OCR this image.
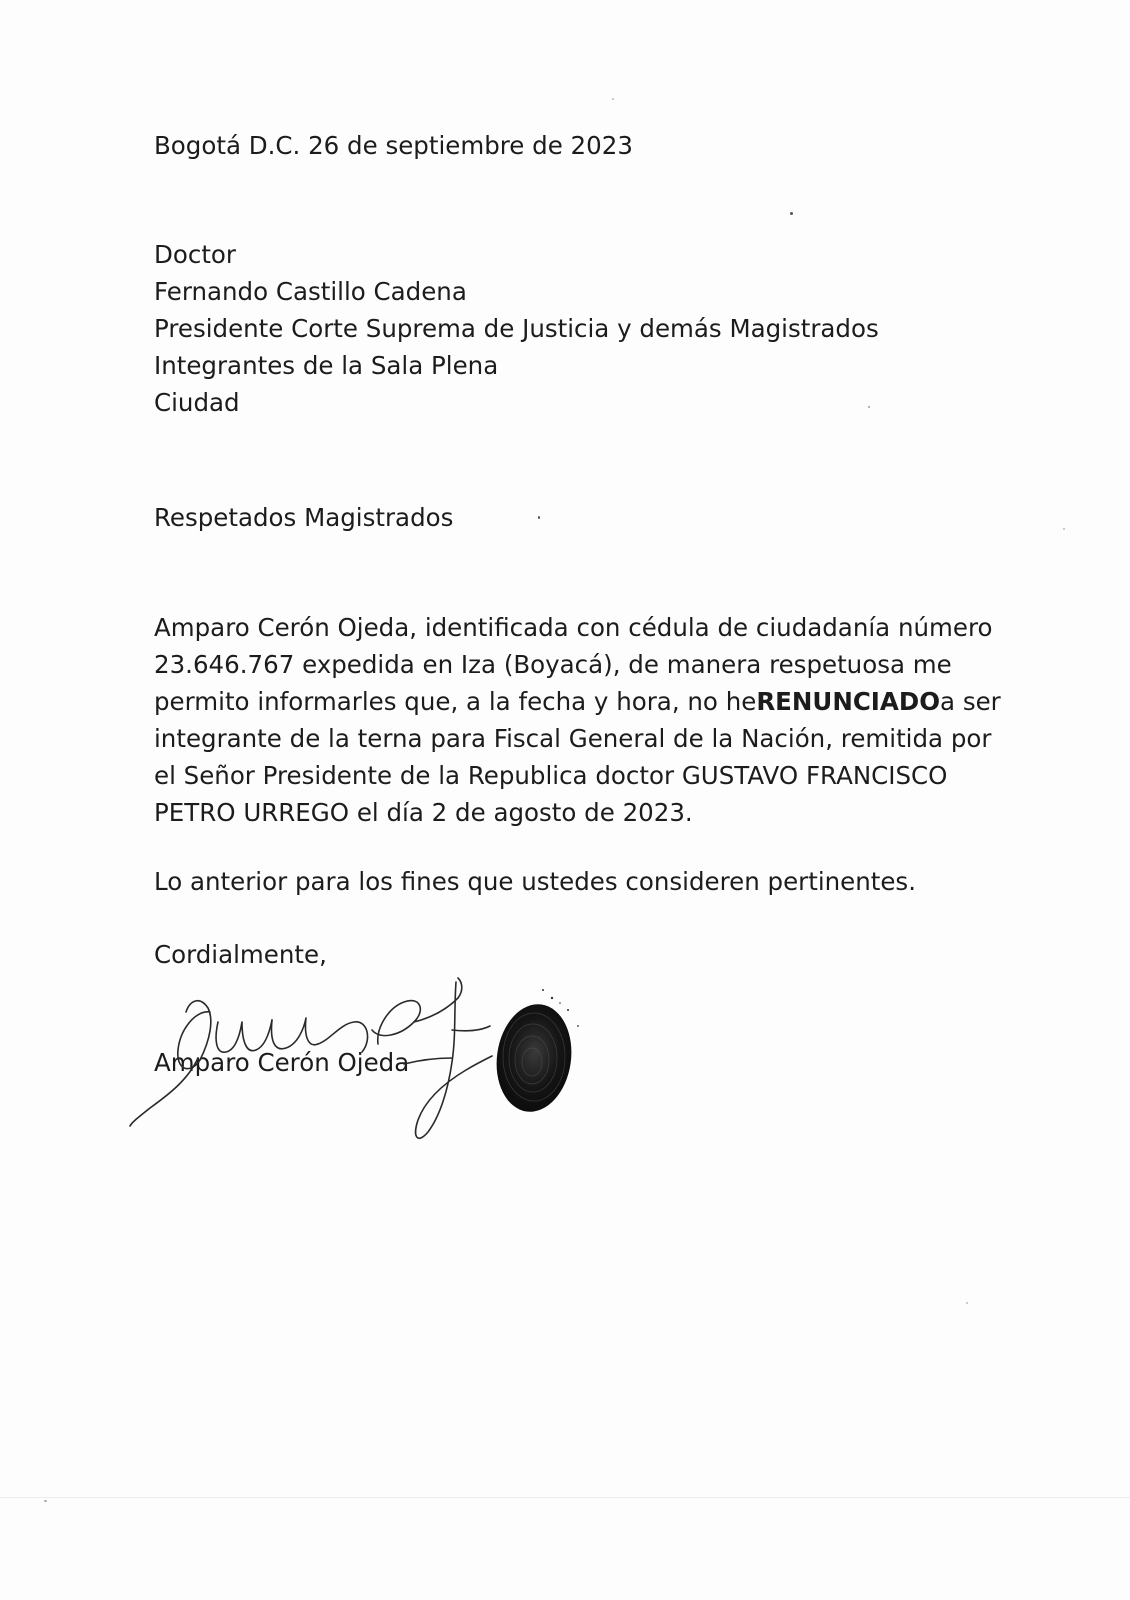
Bogotá D.C. 26 de septiembre de 2023
Doctor
Fernando Castillo Cadena
Presidente Corte Suprema de Justicia y demás Magistrados
Integrantes de la Sala Plena
Ciudad
Respetados Magistrados
Amparo Cerón Ojeda, identificada con cédula de ciudadanía número
23.646.767 expedida en Iza (Boyacá), de manera respetuosa me
permito informarles que, a la fecha y hora, no he RENUNCIADO a ser
integrante de la terna para Fiscal General de la Nación, remitida por
el Señor Presidente de la Republica doctor GUSTAVO FRANCISCO
PETRO URREGO el día 2 de agosto de 2023.
Lo anterior para los fines que ustedes consideren pertinentes.
Cordialmente,
Amparo Cerón Ojeda
